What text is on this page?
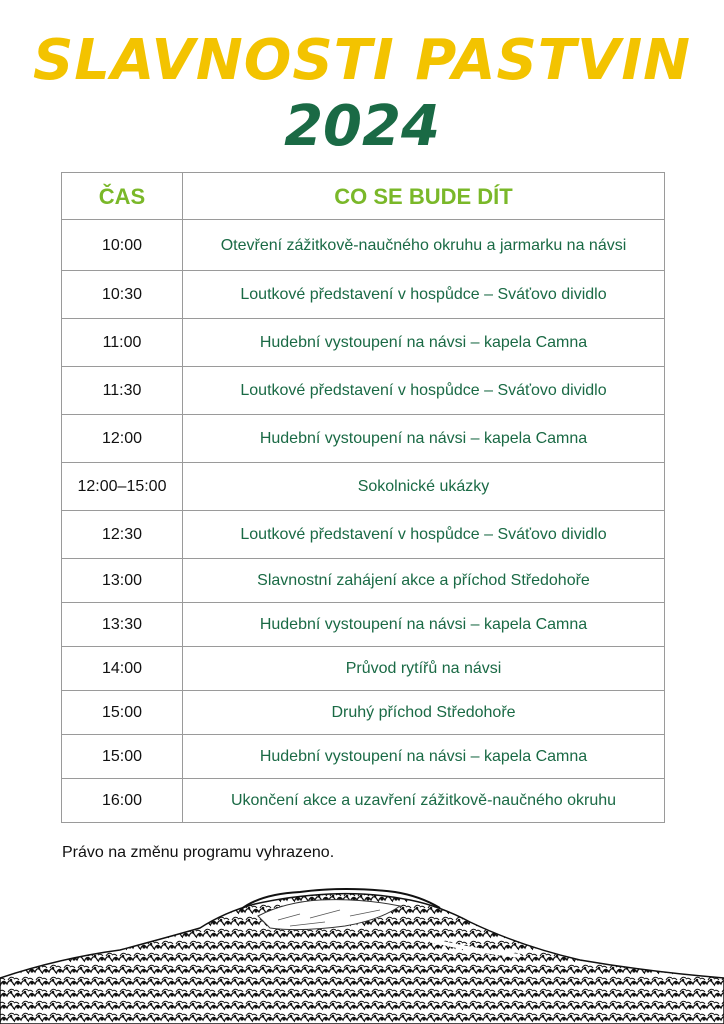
SLAVNOSTI PASTVIN
2024
ČAS	CO SE BUDE DÍT
10:00	Otevření zážitkově-naučného okruhu a jarmarku na návsi
10:30	Loutkové představení v hospůdce – Sváťovo dividlo
11:00	Hudební vystoupení na návsi – kapela Camna
11:30	Loutkové představení v hospůdce – Sváťovo dividlo
12:00	Hudební vystoupení na návsi – kapela Camna
12:00–15:00	Sokolnické ukázky
12:30	Loutkové představení v hospůdce – Sváťovo dividlo
13:00	Slavnostní zahájení akce a příchod Středohoře
13:30	Hudební vystoupení na návsi – kapela Camna
14:00	Průvod rytířů na návsi
15:00	Druhý příchod Středohoře
15:00	Hudební vystoupení na návsi – kapela Camna
16:00	Ukončení akce a uzavření zážitkově-naučného okruhu
Právo na změnu programu vyhrazeno.
